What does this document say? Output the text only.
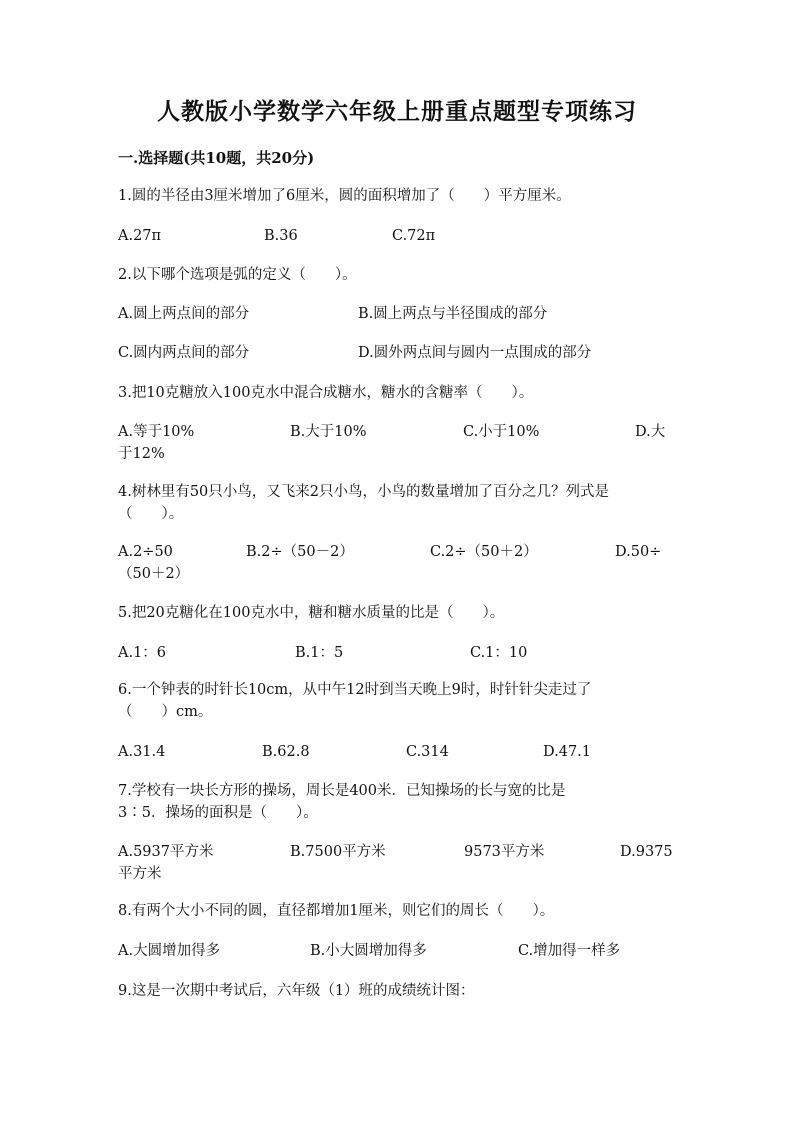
人教版小学数学六年级上册重点题型专项练习
一.选择题(共10题，共20分)
1.圆的半径由3厘米增加了6厘米，圆的面积增加了（　　）平方厘米。
A.27π	B.36	C.72π
2.以下哪个选项是弧的定义（　　）。
A.圆上两点间的部分	B.圆上两点与半径围成的部分
C.圆内两点间的部分	D.圆外两点间与圆内一点围成的部分
3.把10克糖放入100克水中混合成糖水，糖水的含糖率（　　）。
A.等于10%	B.大于10%	C.小于10%	D.大
于12%
4.树林里有50只小鸟，又飞来2只小鸟，小鸟的数量增加了百分之几？列式是
（　　）。
A.2÷50	B.2÷（50－2）	C.2÷（50＋2）	D.50÷
（50＋2）
5.把20克糖化在100克水中，糖和糖水质量的比是（　　）。
A.1：6	B.1：5	C.1：10
6.一个钟表的时针长10cm，从中午12时到当天晚上9时，时针针尖走过了
（　　）cm。
A.31.4	B.62.8	C.314	D.47.1
7.学校有一块长方形的操场，周长是400米．已知操场的长与宽的比是
3∶5．操场的面积是（　　）。
A.5937平方米	B.7500平方米	9573平方米	D.9375
平方米
8.有两个大小不同的圆，直径都增加1厘米，则它们的周长（　　）。
A.大圆增加得多	B.小大圆增加得多	C.增加得一样多
9.这是一次期中考试后，六年级（1）班的成绩统计图：
